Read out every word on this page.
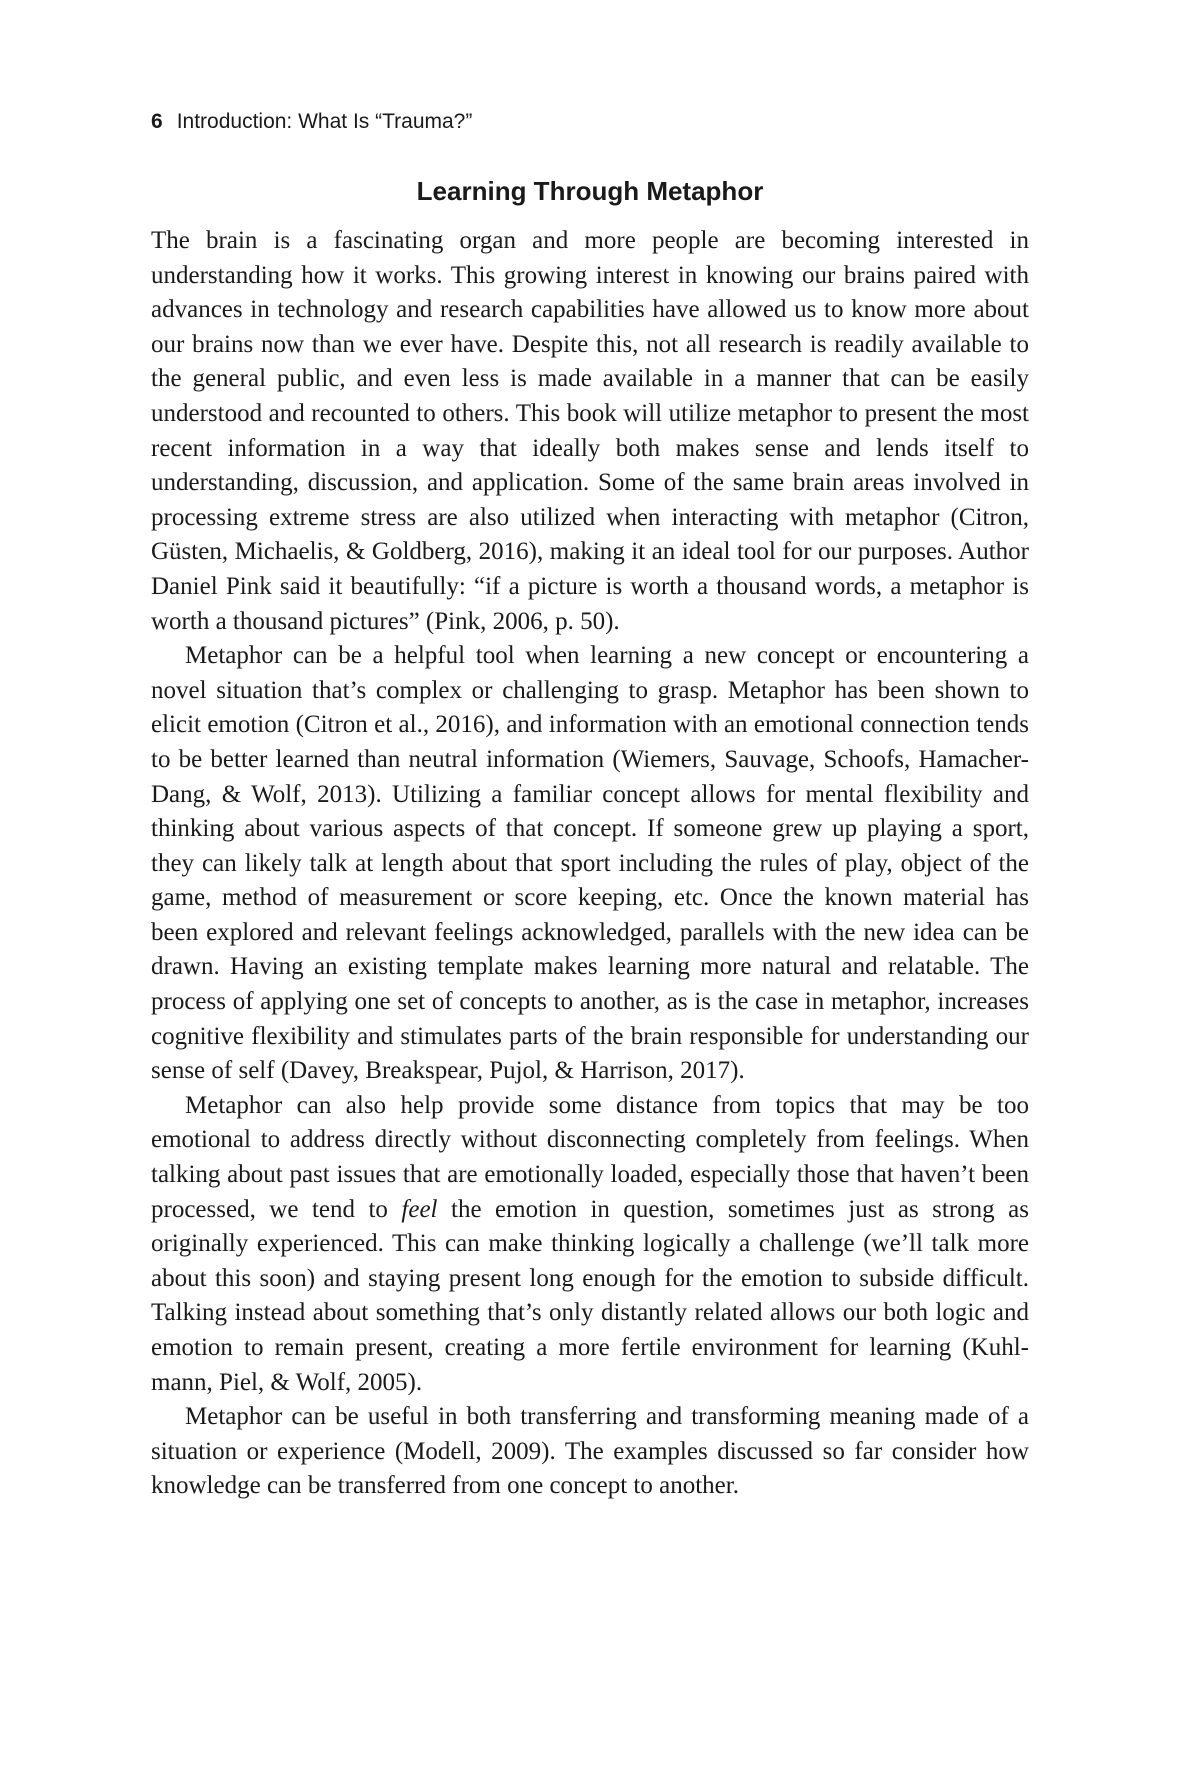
6 Introduction: What Is “Trauma?”
Learning Through Metaphor

The brain is a fascinating organ and more people are becoming interested in understanding how it works. This growing interest in knowing our brains paired with advances in technology and research capabilities have allowed us to know more about our brains now than we ever have. Despite this, not all research is readily available to the general public, and even less is made available in a manner that can be easily understood and recounted to others. This book will utilize metaphor to present the most recent information in a way that ideally both makes sense and lends itself to understanding, discussion, and application. Some of the same brain areas involved in processing extreme stress are also utilized when interacting with metaphor (Citron, Güsten, Michaelis, & Goldberg, 2016), making it an ideal tool for our purposes. Author Daniel Pink said it beautifully: “if a picture is worth a thousand words, a metaphor is worth a thousand pictures” (Pink, 2006, p. 50).

Metaphor can be a helpful tool when learning a new concept or encountering a novel situation that’s complex or challenging to grasp. Metaphor has been shown to elicit emotion (Citron et al., 2016), and information with an emotional connection tends to be better learned than neutral information (Wiemers, Sauvage, Schoofs, Hamacher-Dang, & Wolf, 2013). Utilizing a familiar concept allows for mental flexibility and thinking about various aspects of that concept. If someone grew up playing a sport, they can likely talk at length about that sport including the rules of play, object of the game, method of measurement or score keeping, etc. Once the known material has been explored and relevant feelings acknowledged, parallels with the new idea can be drawn. Having an existing template makes learning more natural and relatable. The process of applying one set of concepts to another, as is the case in metaphor, increases cognitive flexibility and stimulates parts of the brain responsible for understanding our sense of self (Davey, Breakspear, Pujol, & Harrison, 2017).

Metaphor can also help provide some distance from topics that may be too emotional to address directly without disconnecting completely from feelings. When talking about past issues that are emotionally loaded, especially those that haven’t been processed, we tend to feel the emotion in question, sometimes just as strong as originally experienced. This can make thinking logically a challenge (we’ll talk more about this soon) and staying present long enough for the emotion to subside difficult. Talking instead about something that’s only distantly related allows our both logic and emotion to remain present, creating a more fertile environment for learning (Kuhlmann, Piel, & Wolf, 2005).

Metaphor can be useful in both transferring and transforming meaning made of a situation or experience (Modell, 2009). The examples discussed so far consider how knowledge can be transferred from one concept to another.
